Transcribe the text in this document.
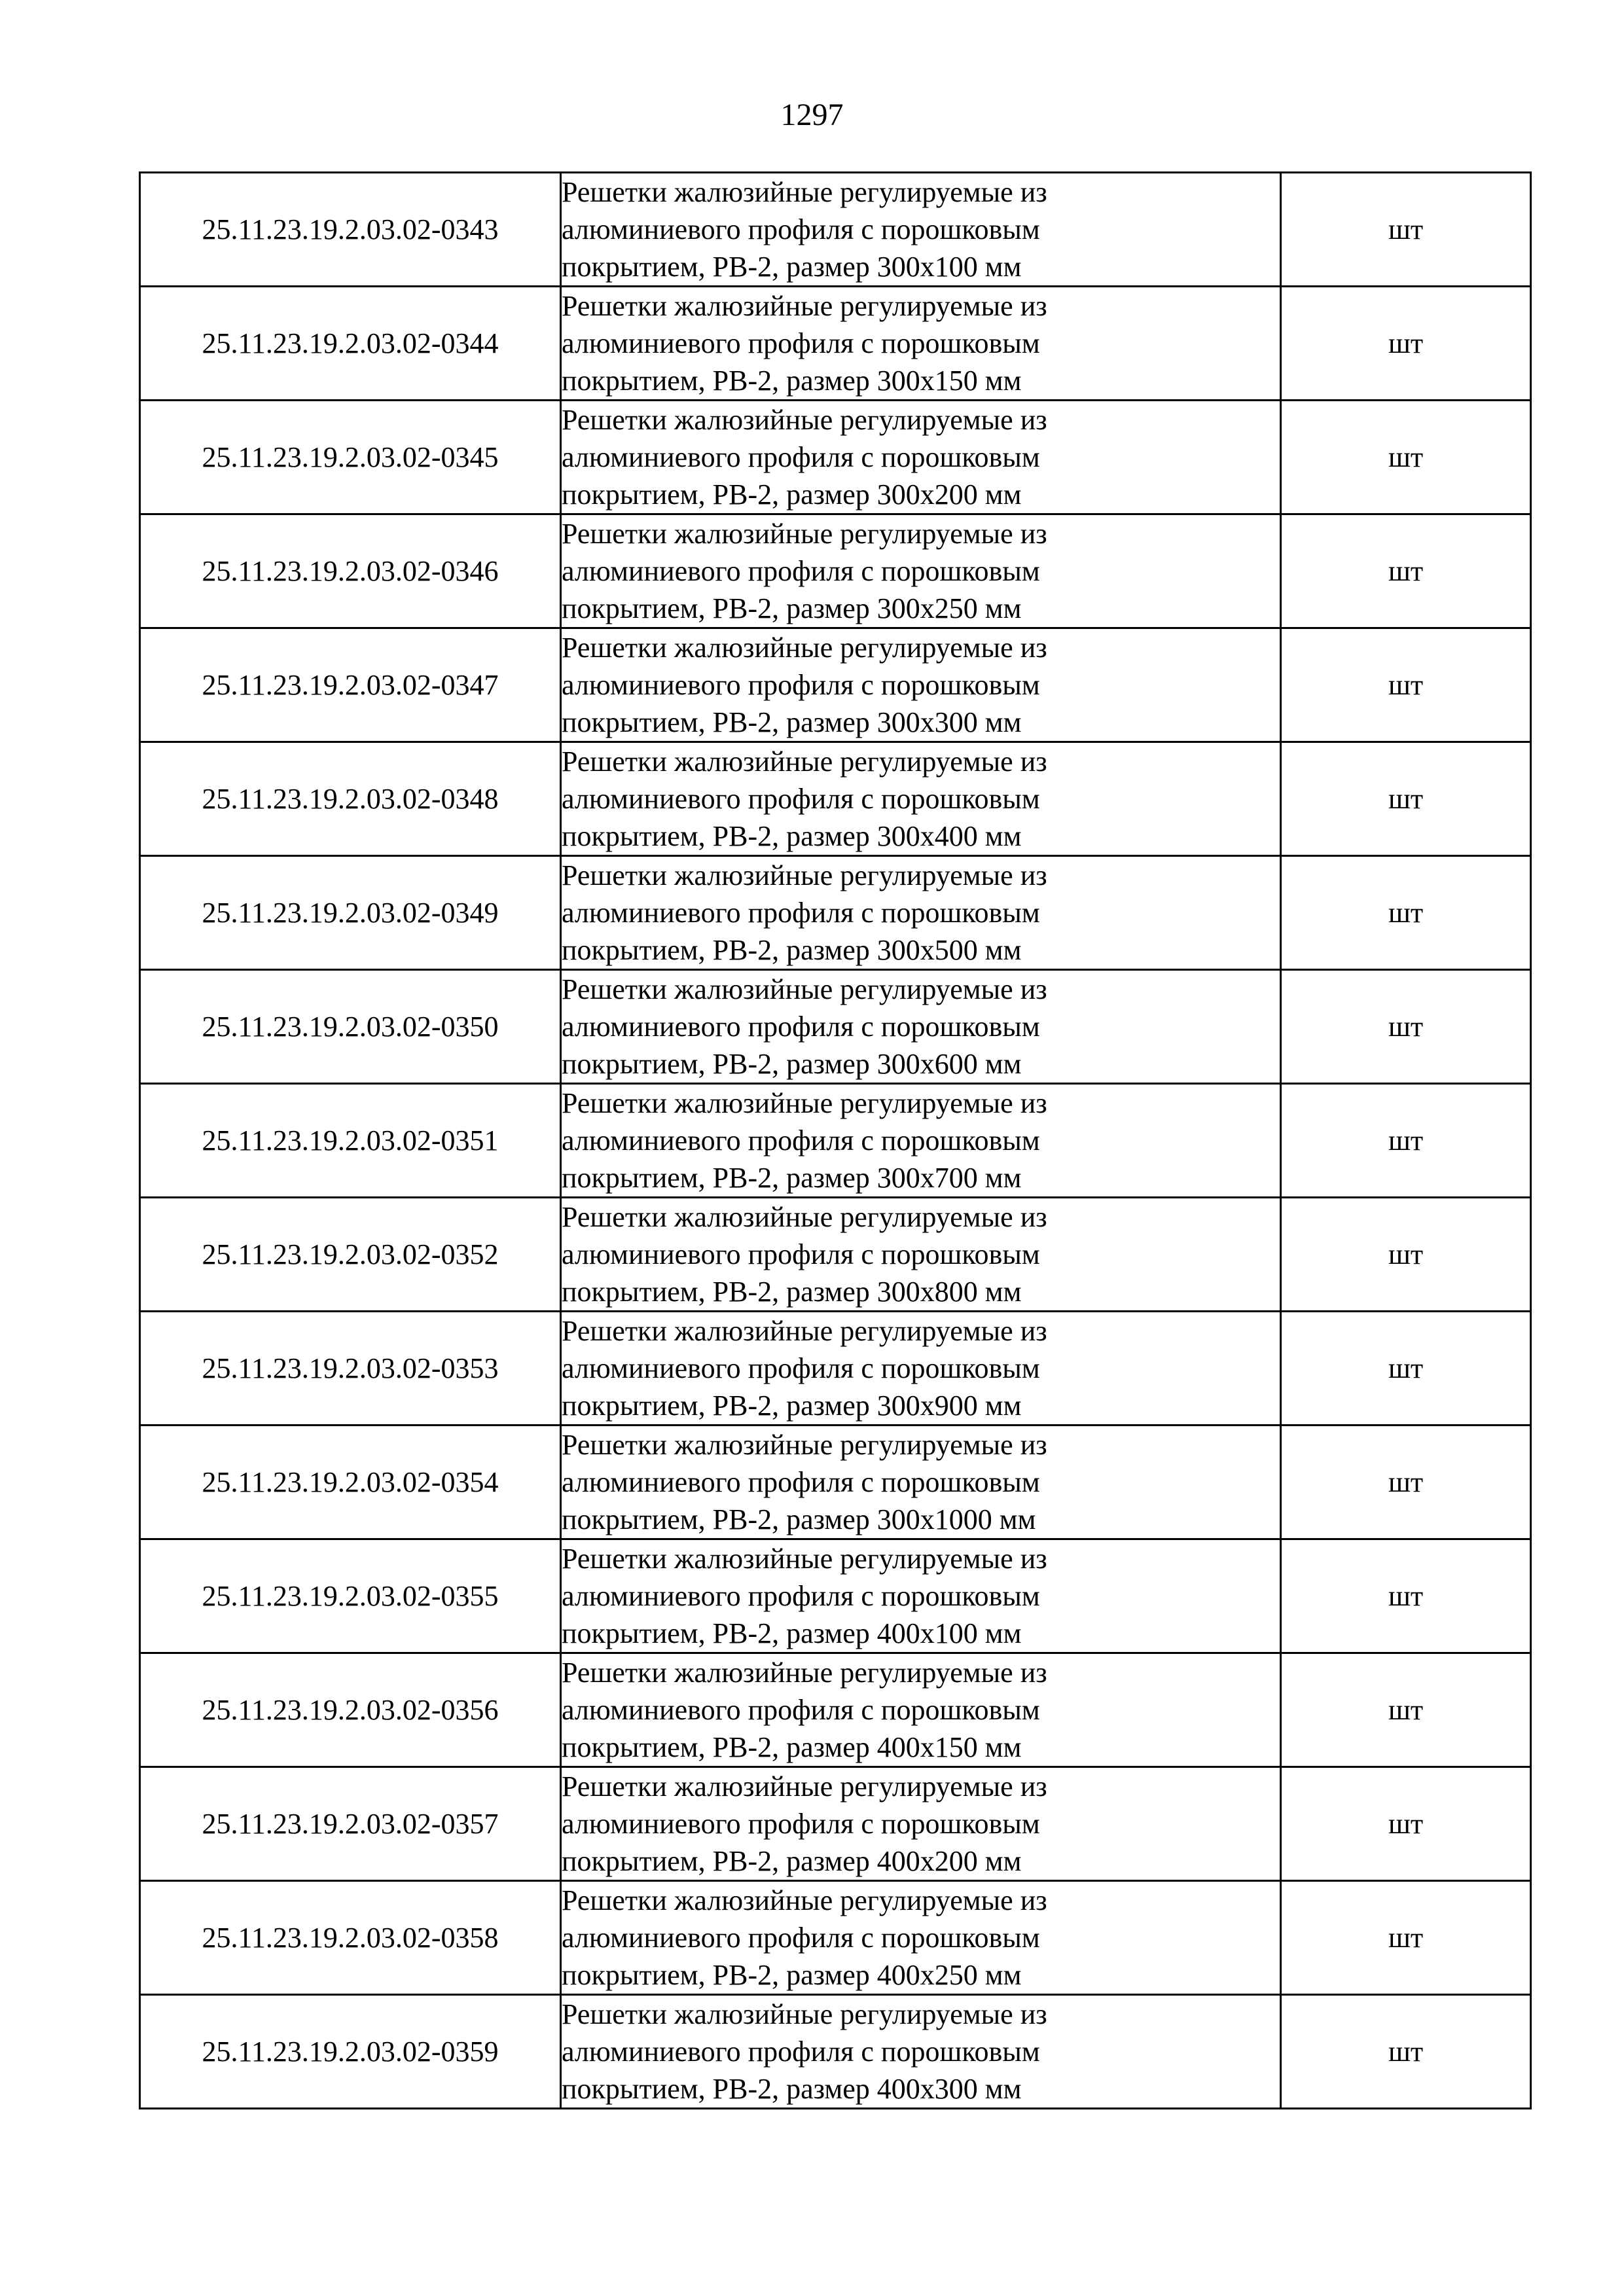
1297
25.11.23.19.2.03.02-0343	Решетки жалюзийные регулируемые из
алюминиевого профиля с порошковым
покрытием, РВ-2, размер 300х100 мм	шт
25.11.23.19.2.03.02-0344	Решетки жалюзийные регулируемые из
алюминиевого профиля с порошковым
покрытием, РВ-2, размер 300х150 мм	шт
25.11.23.19.2.03.02-0345	Решетки жалюзийные регулируемые из
алюминиевого профиля с порошковым
покрытием, РВ-2, размер 300х200 мм	шт
25.11.23.19.2.03.02-0346	Решетки жалюзийные регулируемые из
алюминиевого профиля с порошковым
покрытием, РВ-2, размер 300х250 мм	шт
25.11.23.19.2.03.02-0347	Решетки жалюзийные регулируемые из
алюминиевого профиля с порошковым
покрытием, РВ-2, размер 300х300 мм	шт
25.11.23.19.2.03.02-0348	Решетки жалюзийные регулируемые из
алюминиевого профиля с порошковым
покрытием, РВ-2, размер 300х400 мм	шт
25.11.23.19.2.03.02-0349	Решетки жалюзийные регулируемые из
алюминиевого профиля с порошковым
покрытием, РВ-2, размер 300х500 мм	шт
25.11.23.19.2.03.02-0350	Решетки жалюзийные регулируемые из
алюминиевого профиля с порошковым
покрытием, РВ-2, размер 300х600 мм	шт
25.11.23.19.2.03.02-0351	Решетки жалюзийные регулируемые из
алюминиевого профиля с порошковым
покрытием, РВ-2, размер 300х700 мм	шт
25.11.23.19.2.03.02-0352	Решетки жалюзийные регулируемые из
алюминиевого профиля с порошковым
покрытием, РВ-2, размер 300х800 мм	шт
25.11.23.19.2.03.02-0353	Решетки жалюзийные регулируемые из
алюминиевого профиля с порошковым
покрытием, РВ-2, размер 300х900 мм	шт
25.11.23.19.2.03.02-0354	Решетки жалюзийные регулируемые из
алюминиевого профиля с порошковым
покрытием, РВ-2, размер 300х1000 мм	шт
25.11.23.19.2.03.02-0355	Решетки жалюзийные регулируемые из
алюминиевого профиля с порошковым
покрытием, РВ-2, размер 400х100 мм	шт
25.11.23.19.2.03.02-0356	Решетки жалюзийные регулируемые из
алюминиевого профиля с порошковым
покрытием, РВ-2, размер 400х150 мм	шт
25.11.23.19.2.03.02-0357	Решетки жалюзийные регулируемые из
алюминиевого профиля с порошковым
покрытием, РВ-2, размер 400х200 мм	шт
25.11.23.19.2.03.02-0358	Решетки жалюзийные регулируемые из
алюминиевого профиля с порошковым
покрытием, РВ-2, размер 400х250 мм	шт
25.11.23.19.2.03.02-0359	Решетки жалюзийные регулируемые из
алюминиевого профиля с порошковым
покрытием, РВ-2, размер 400х300 мм	шт
